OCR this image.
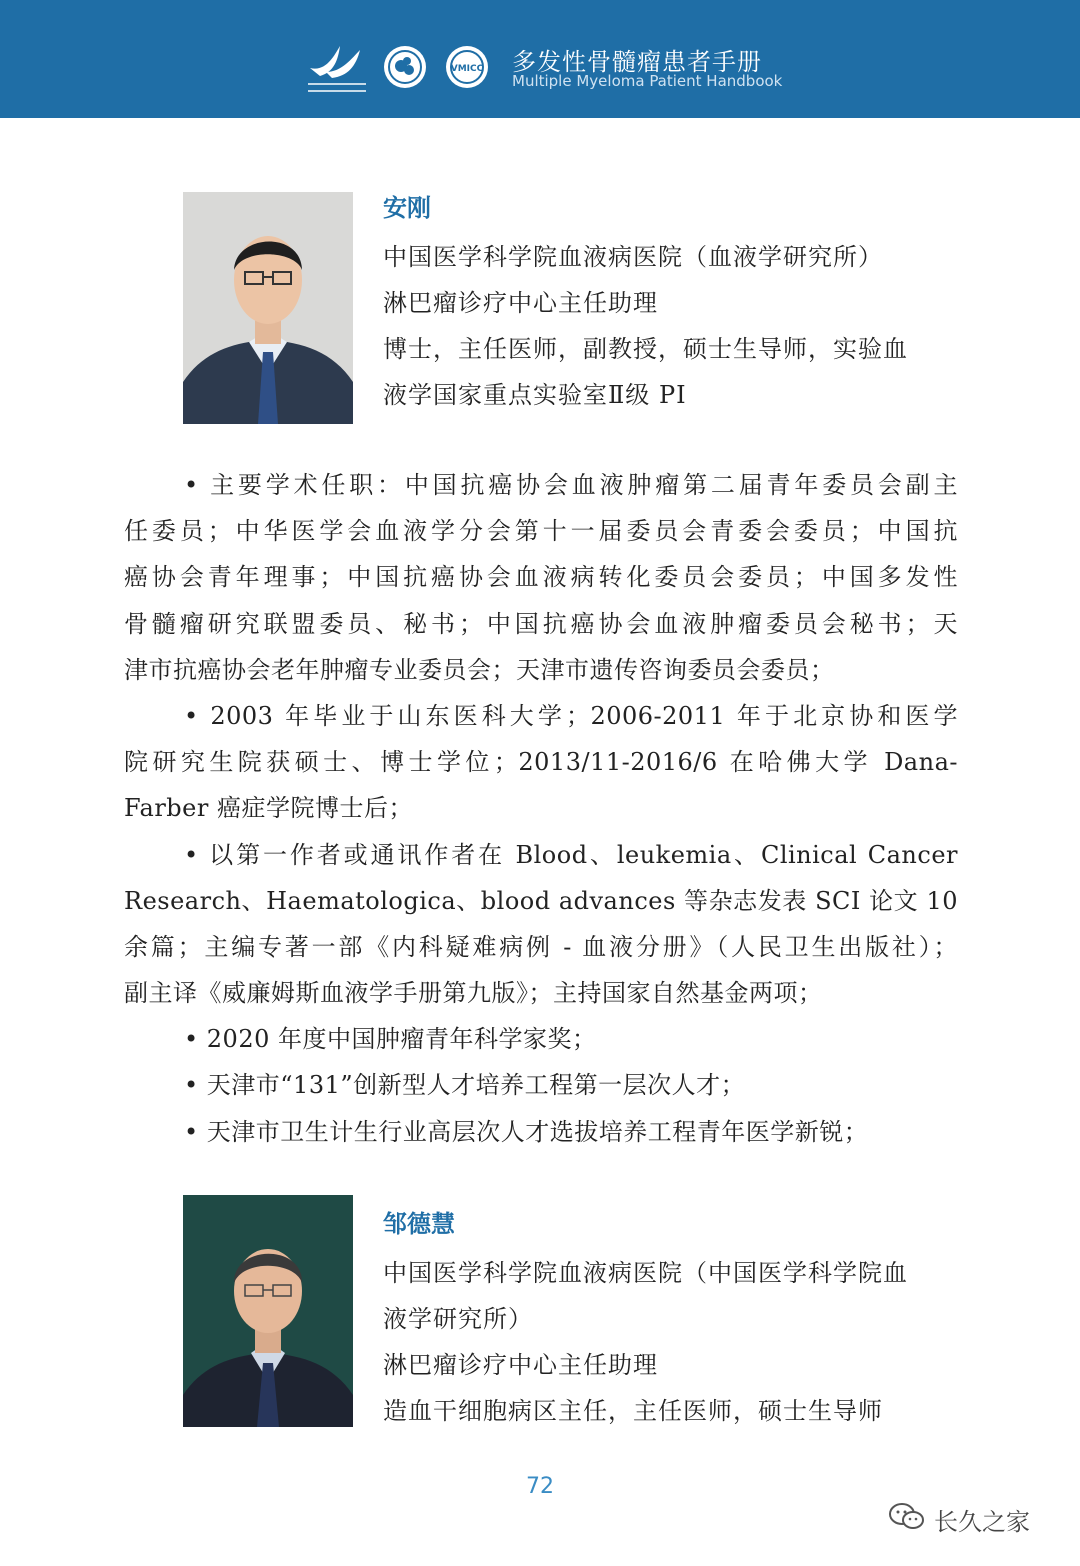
VMICC 多发性骨髓瘤患者手册
Multiple Myeloma Patient Handbook
安刚
中国医学科学院血液病医院（血液学研究所）
淋巴瘤诊疗中心主任助理
博士，主任医师，副教授，硕士生导师，实验血
液学国家重点实验室Ⅱ级 PI
• 主要学术任职：中国抗癌协会血液肿瘤第二届青年委员会副主
任委员；中华医学会血液学分会第十一届委员会青委会委员；中国抗
癌协会青年理事；中国抗癌协会血液病转化委员会委员；中国多发性
骨髓瘤研究联盟委员、秘书；中国抗癌协会血液肿瘤委员会秘书；天
津市抗癌协会老年肿瘤专业委员会；天津市遗传咨询委员会委员；
• 2003 年毕业于山东医科大学；2006-2011 年于北京协和医学
院研究生院获硕士、博士学位；2013/11-2016/6 在哈佛大学 Dana-
Farber 癌症学院博士后；
• 以第一作者或通讯作者在 Blood、leukemia、Clinical Cancer
Research、Haematologica、blood advances 等杂志发表 SCI 论文 10
余篇；主编专著一部《内科疑难病例 - 血液分册》（人民卫生出版社）；
副主译《威廉姆斯血液学手册第九版》；主持国家自然基金两项；
• 2020 年度中国肿瘤青年科学家奖；
• 天津市“131”创新型人才培养工程第一层次人才；
• 天津市卫生计生行业高层次人才选拔培养工程青年医学新锐；
邹德慧
中国医学科学院血液病医院（中国医学科学院血
液学研究所）
淋巴瘤诊疗中心主任助理
造血干细胞病区主任，主任医师，硕士生导师
72
长久之家
